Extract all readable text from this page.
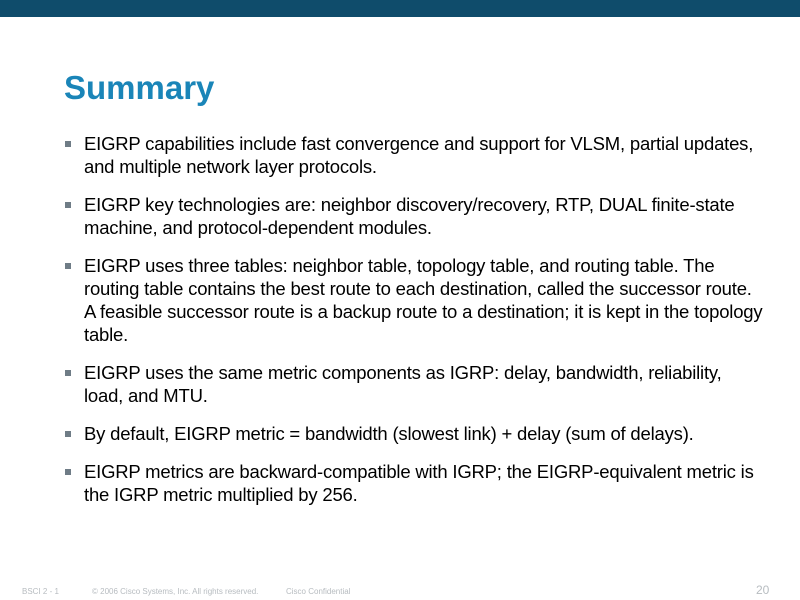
Summary
EIGRP capabilities include fast convergence and support for VLSM, partial updates, and multiple network layer protocols.
EIGRP key technologies are: neighbor discovery/recovery, RTP, DUAL finite-state machine, and protocol-dependent modules.
EIGRP uses three tables: neighbor table, topology table, and routing table. The routing table contains the best route to each destination, called the successor route. A feasible successor route is a backup route to a destination; it is kept in the topology table.
EIGRP uses the same metric components as IGRP: delay, bandwidth, reliability, load, and MTU.
By default, EIGRP metric = bandwidth (slowest link) + delay (sum of delays).
EIGRP metrics are backward-compatible with IGRP; the EIGRP-equivalent metric is the IGRP metric multiplied by 256.
BSCI 2 - 1	© 2006 Cisco Systems, Inc. All rights reserved.	Cisco Confidential	20
